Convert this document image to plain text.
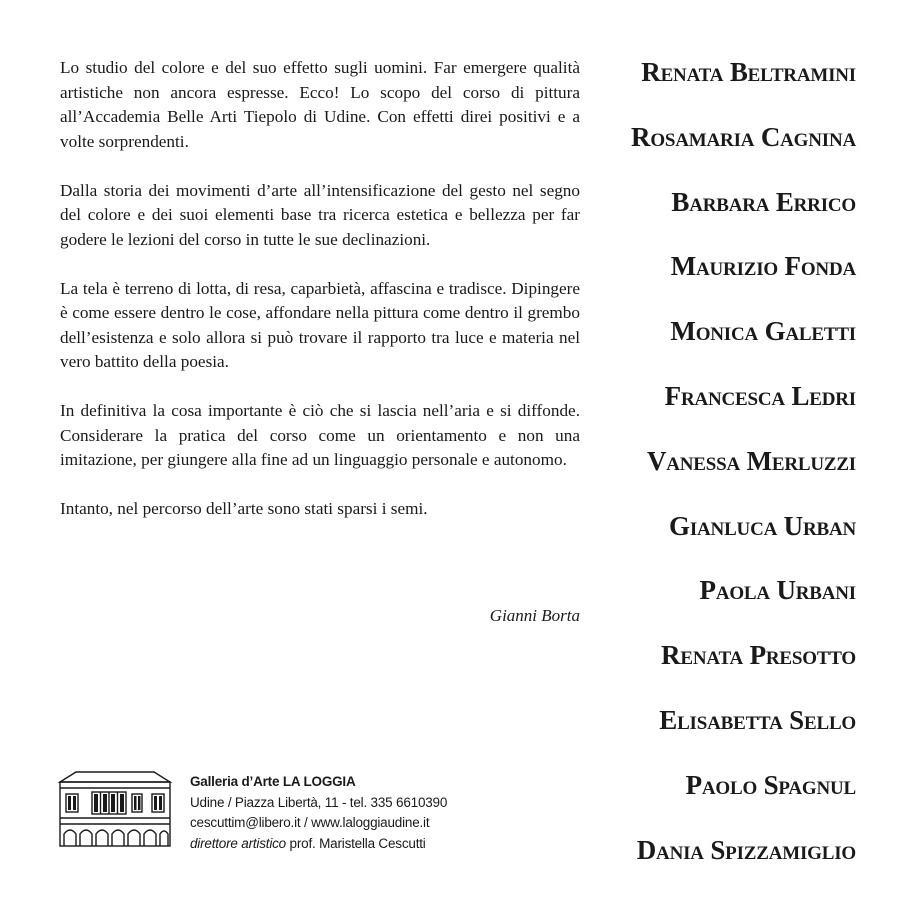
Lo studio del colore e del suo effetto sugli uomini. Far emergere qualità artistiche non ancora espresse. Ecco! Lo scopo del corso di pittura all’Accademia Belle Arti Tiepolo di Udine. Con effetti direi positivi e a volte sorprendenti.

Dalla storia dei movimenti d’arte all’intensificazione del gesto nel segno del colore e dei suoi elementi base tra ricerca estetica e bellezza per far godere le lezioni del corso in tutte le sue declinazioni.

La tela è terreno di lotta, di resa, caparbietà, affascina e tradisce. Dipingere è come essere dentro le cose, affondare nella pittura come dentro il grembo dell’esistenza e solo allora si può trovare il rapporto tra luce e materia nel vero battito della poesia.

In definitiva la cosa importante è ciò che si lascia nell’aria e si diffonde. Considerare la pratica del corso come un orientamento e non una imitazione, per giungere alla fine ad un linguaggio personale e autonomo.

Intanto, nel percorso dell’arte sono stati sparsi i semi.

Gianni Borta
Renata Beltramini
Rosamaria Cagnina
Barbara Errico
Maurizio Fonda
Monica Galetti
Francesca Ledri
Vanessa Merluzzi
Gianluca Urban
Paola Urbani
Renata Presotto
Elisabetta Sello
Paolo Spagnul
Dania Spizzamiglio
Galleria d’Arte LA LOGGIA
Udine / Piazza Libertà, 11 - tel. 335 6610390
cescuttim@libero.it / www.laloggiaudine.it
direttore artistico prof. Maristella Cescutti
